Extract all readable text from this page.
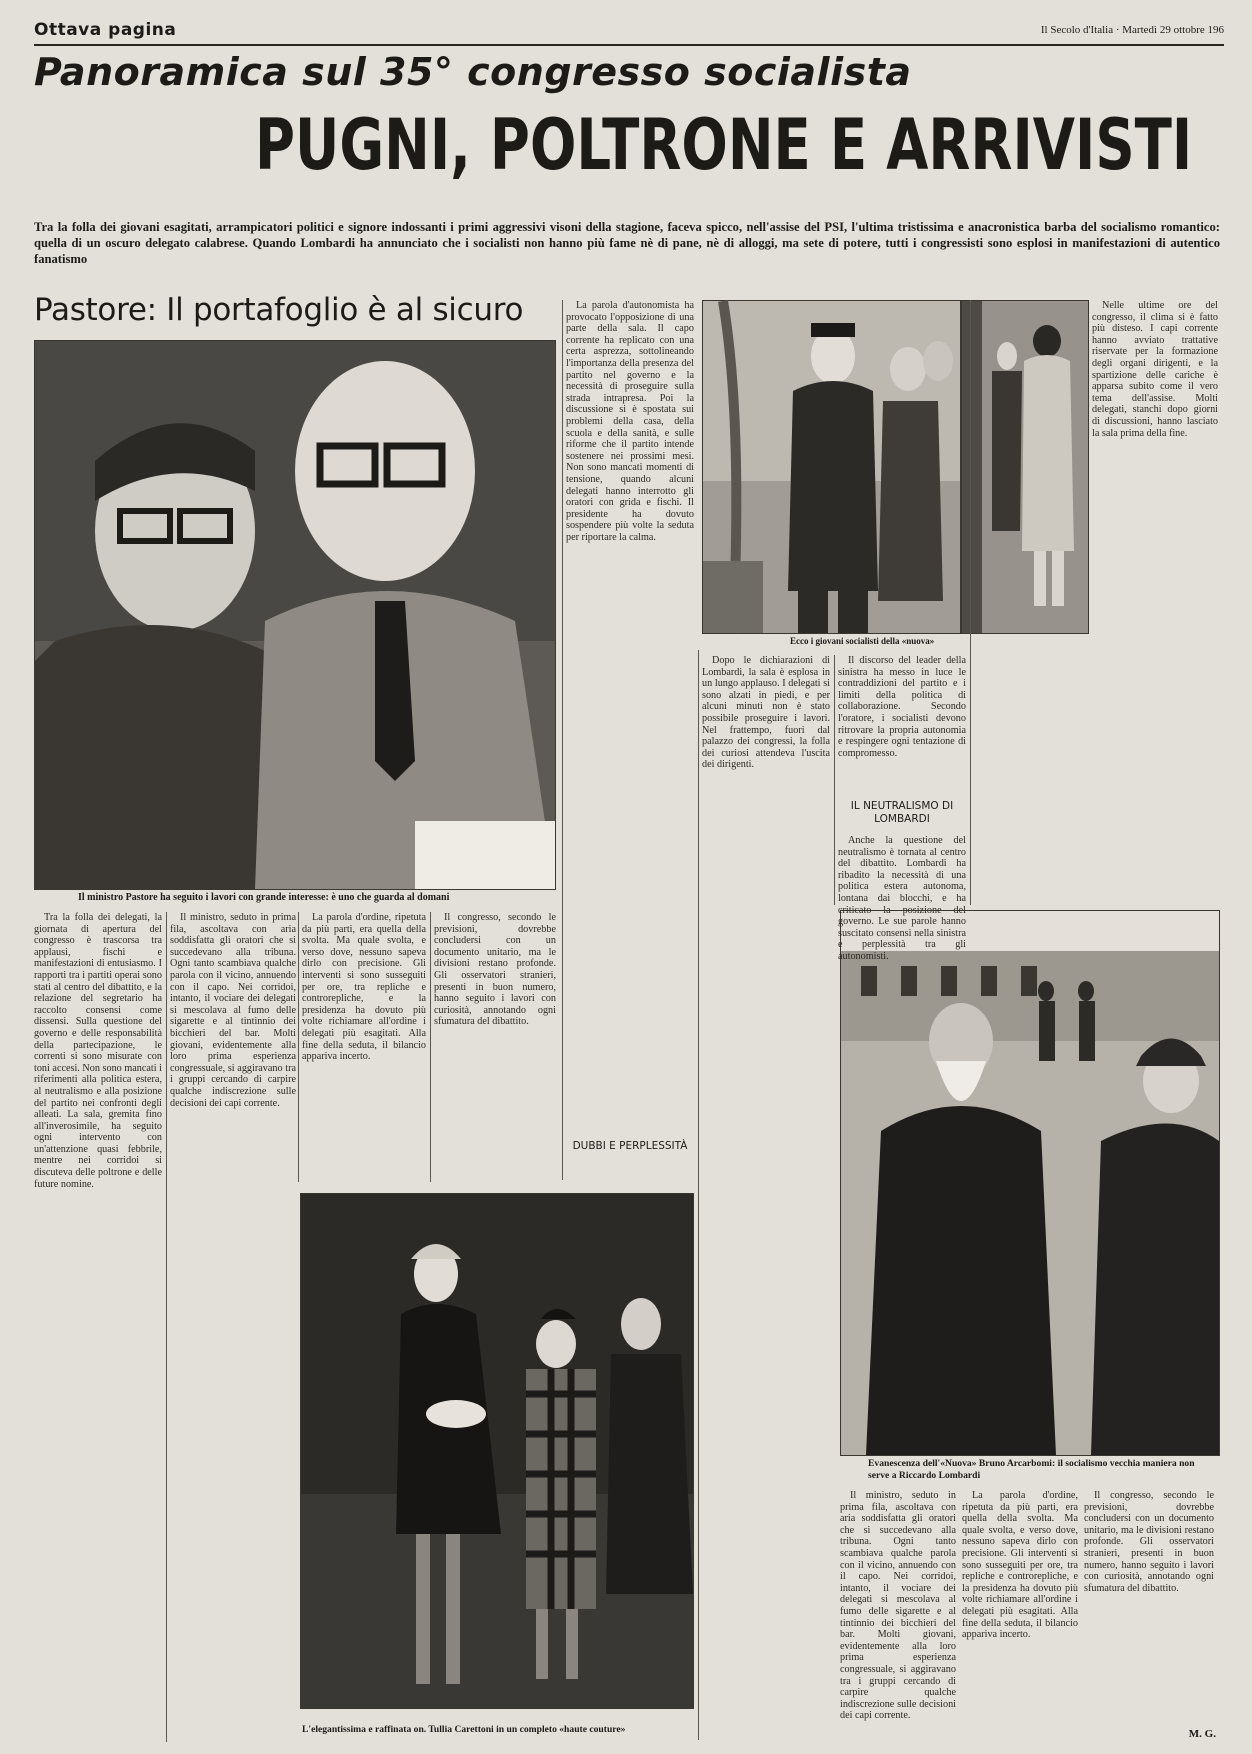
Ottava pagina	Il Secolo d'Italia · Martedì 29 ottobre 196
Panoramica sul 35° congresso socialista
PUGNI, POLTRONE E ARRIVISTI
Tra la folla dei giovani esagitati, arrampicatori politici e signore indossanti i primi aggressivi visoni della stagione, faceva spicco, nell'assise del PSI, l'ultima tristissima e anacronistica barba del socialismo romantico: quella di un oscuro delegato calabrese. Quando Lombardi ha annunciato che i socialisti non hanno più fame nè di pane, nè di alloggi, ma sete di potere, tutti i congressisti sono esplosi in manifestazioni di autentico fanatismo
Pastore: Il portafoglio è al sicuro
Il ministro Pastore ha seguito i lavori con grande interesse: è uno che guarda al domani
Ecco i giovani socialisti della «nuova»
L'elegantissima e raffinata on. Tullia Carettoni in un completo «haute couture»
Evanescenza dell'«Nuova» Bruno Arcarbomi: il socialismo vecchia maniera non serve a Riccardo Lombardi

Tra la folla dei delegati, la giornata di apertura del congresso è trascorsa tra applausi, fischi e manifestazioni di entusiasmo. I rapporti tra i partiti operai sono stati al centro del dibattito, e la relazione del segretario ha raccolto consensi come dissensi. Sulla questione del governo e delle responsabilità della partecipazione, le correnti si sono misurate con toni accesi. Non sono mancati i riferimenti alla politica estera, al neutralismo e alla posizione del partito nei confronti degli alleati. La sala, gremita fino all'inverosimile, ha seguito ogni intervento con un'attenzione quasi febbrile, mentre nei corridoi si discuteva delle poltrone e delle future nomine.

Il ministro, seduto in prima fila, ascoltava con aria soddisfatta gli oratori che si succedevano alla tribuna. Ogni tanto scambiava qualche parola con il vicino, annuendo con il capo. Nei corridoi, intanto, il vociare dei delegati si mescolava al fumo delle sigarette e al tintinnio dei bicchieri del bar. Molti giovani, evidentemente alla loro prima esperienza congressuale, si aggiravano tra i gruppi cercando di carpire qualche indiscrezione sulle decisioni dei capi corrente.

La parola d'ordine, ripetuta da più parti, era quella della svolta. Ma quale svolta, e verso dove, nessuno sapeva dirlo con precisione. Gli interventi si sono susseguiti per ore, tra repliche e controrepliche, e la presidenza ha dovuto più volte richiamare all'ordine i delegati più esagitati. Alla fine della seduta, il bilancio appariva incerto.

Il congresso, secondo le previsioni, dovrebbe concludersi con un documento unitario, ma le divisioni restano profonde. Gli osservatori stranieri, presenti in buon numero, hanno seguito i lavori con curiosità, annotando ogni sfumatura del dibattito.

La parola d'autonomista ha provocato l'opposizione di una parte della sala. Il capo corrente ha replicato con una certa asprezza, sottolineando l'importanza della presenza del partito nel governo e la necessità di proseguire sulla strada intrapresa. Poi la discussione si è spostata sui problemi della casa, della scuola e della sanità, e sulle riforme che il partito intende sostenere nei prossimi mesi. Non sono mancati momenti di tensione, quando alcuni delegati hanno interrotto gli oratori con grida e fischi. Il presidente ha dovuto sospendere più volte la seduta per riportare la calma.

Dopo le dichiarazioni di Lombardi, la sala è esplosa in un lungo applauso. I delegati si sono alzati in piedi, e per alcuni minuti non è stato possibile proseguire i lavori. Nel frattempo, fuori dal palazzo dei congressi, la folla dei curiosi attendeva l'uscita dei dirigenti.

Il discorso del leader della sinistra ha messo in luce le contraddizioni del partito e i limiti della politica di collaborazione. Secondo l'oratore, i socialisti devono ritrovare la propria autonomia e respingere ogni tentazione di compromesso.

IL NEUTRALISMO DI LOMBARDI

Anche la questione del neutralismo è tornata al centro del dibattito. Lombardi ha ribadito la necessità di una politica estera autonoma, lontana dai blocchi, e ha criticato la posizione del governo. Le sue parole hanno suscitato consensi nella sinistra e perplessità tra gli autonomisti.

DUBBI E PERPLESSITÀ

Nelle ultime ore del congresso, il clima si è fatto più disteso. I capi corrente hanno avviato trattative riservate per la formazione degli organi dirigenti, e la spartizione delle cariche è apparsa subito come il vero tema dell'assise. Molti delegati, stanchi dopo giorni di discussioni, hanno lasciato la sala prima della fine.

Il ministro, seduto in prima fila, ascoltava con aria soddisfatta gli oratori che si succedevano alla tribuna. Ogni tanto scambiava qualche parola con il vicino, annuendo con il capo. Nei corridoi, intanto, il vociare dei delegati si mescolava al fumo delle sigarette e al tintinnio dei bicchieri del bar. Molti giovani, evidentemente alla loro prima esperienza congressuale, si aggiravano tra i gruppi cercando di carpire qualche indiscrezione sulle decisioni dei capi corrente.

La parola d'ordine, ripetuta da più parti, era quella della svolta. Ma quale svolta, e verso dove, nessuno sapeva dirlo con precisione. Gli interventi si sono susseguiti per ore, tra repliche e controrepliche, e la presidenza ha dovuto più volte richiamare all'ordine i delegati più esagitati. Alla fine della seduta, il bilancio appariva incerto.

Il congresso, secondo le previsioni, dovrebbe concludersi con un documento unitario, ma le divisioni restano profonde. Gli osservatori stranieri, presenti in buon numero, hanno seguito i lavori con curiosità, annotando ogni sfumatura del dibattito.

M. G.
